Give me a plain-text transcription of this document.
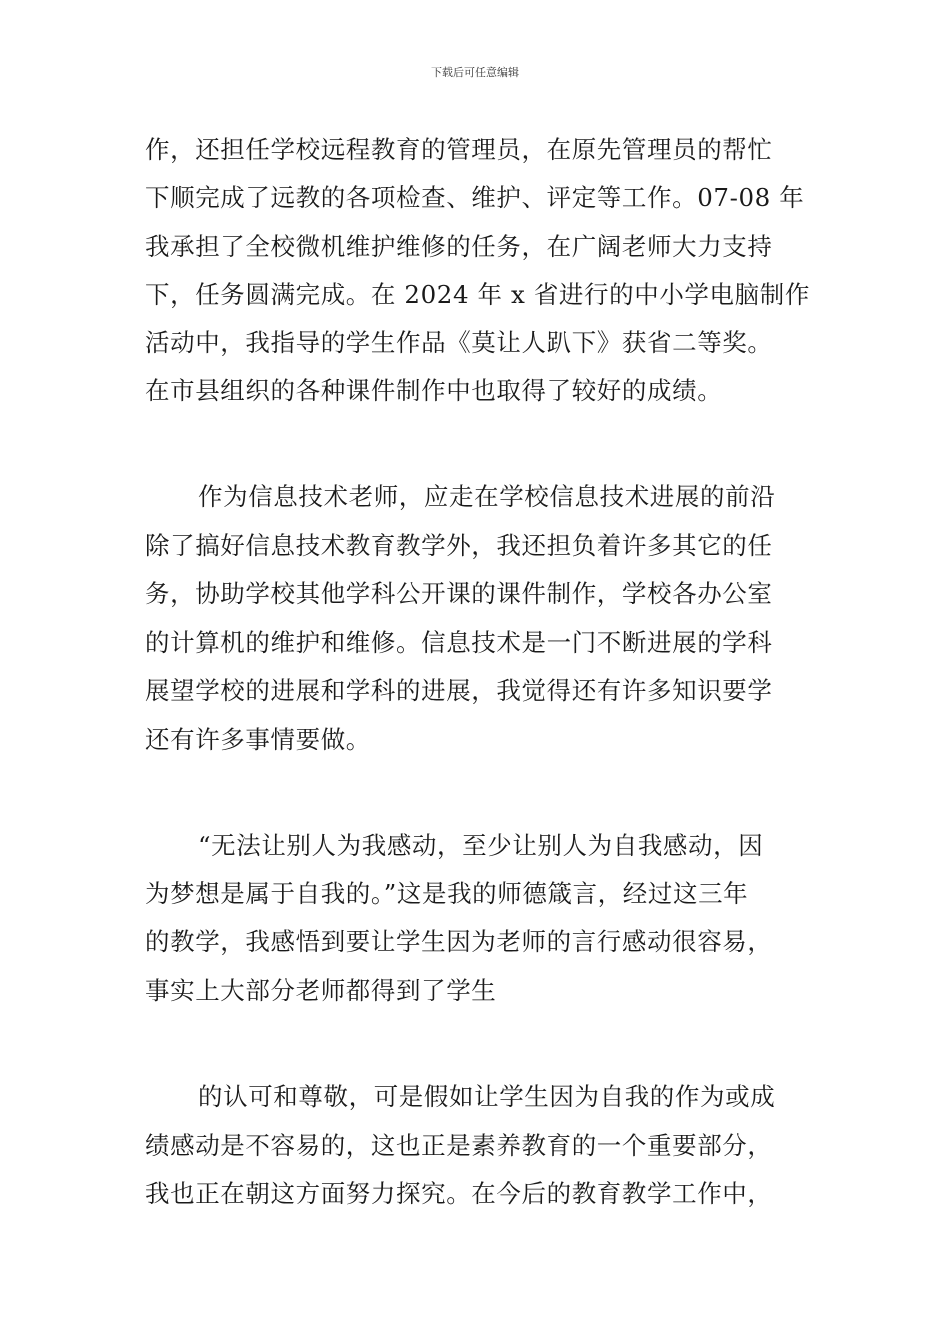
下载后可任意编辑
作，还担任学校远程教育的管理员，在原先管理员的帮忙
下顺完成了远教的各项检查、维护、评定等工作。07-08 年
我承担了全校微机维护维修的任务，在广阔老师大力支持
下，任务圆满完成。在 2024 年 x 省进行的中小学电脑制作
活动中，我指导的学生作品《莫让人趴下》获省二等奖。
在市县组织的各种课件制作中也取得了较好的成绩。
作为信息技术老师，应走在学校信息技术进展的前沿
除了搞好信息技术教育教学外，我还担负着许多其它的任
务，协助学校其他学科公开课的课件制作，学校各办公室
的计算机的维护和维修。信息技术是一门不断进展的学科
展望学校的进展和学科的进展，我觉得还有许多知识要学
还有许多事情要做。
“无法让别人为我感动，至少让别人为自我感动，因
为梦想是属于自我的。”这是我的师德箴言，经过这三年
的教学，我感悟到要让学生因为老师的言行感动很容易，
事实上大部分老师都得到了学生
的认可和尊敬，可是假如让学生因为自我的作为或成
绩感动是不容易的，这也正是素养教育的一个重要部分，
我也正在朝这方面努力探究。在今后的教育教学工作中，
